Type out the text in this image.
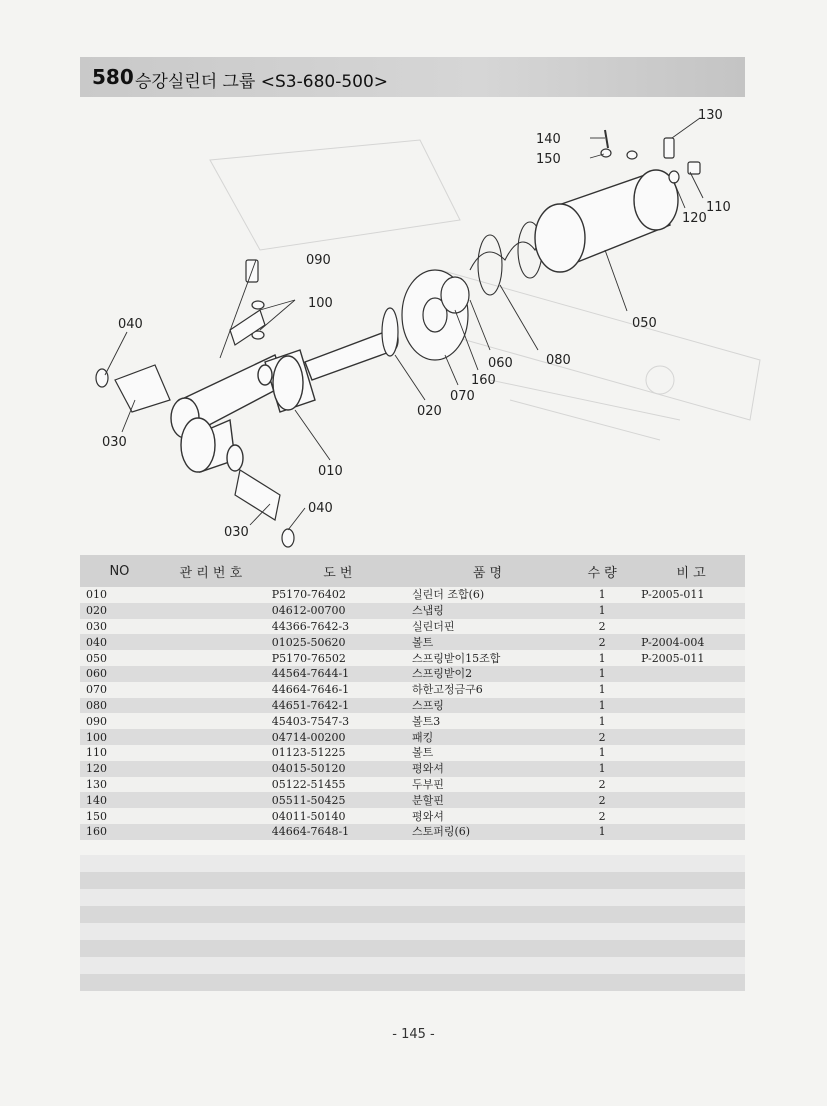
580 승강실린더 그룹 <S3-680-500>
010
020
030
030
040
040
050
060
070
080
090
100
110
120
130
140
150
160
NO	관 리 번 호	도 번	품 명	수 량	비 고
010		P5170-76402	실린더 조합(6)	1	P-2005-011
020		04612-00700	스냅링	1	
030		44366-7642-3	실린더핀	2	
040		01025-50620	볼트	2	P-2004-004
050		P5170-76502	스프링받이15조합	1	P-2005-011
060		44564-7644-1	스프링받이2	1	
070		44664-7646-1	하한고정금구6	1	
080		44651-7642-1	스프링	1	
090		45403-7547-3	볼트3	1	
100		04714-00200	패킹	2	
110		01123-51225	볼트	1	
120		04015-50120	평와셔	1	
130		05122-51455	두부핀	2	
140		05511-50425	분할핀	2	
150		04011-50140	평와셔	2	
160		44664-7648-1	스토퍼링(6)	1	
- 145 -
